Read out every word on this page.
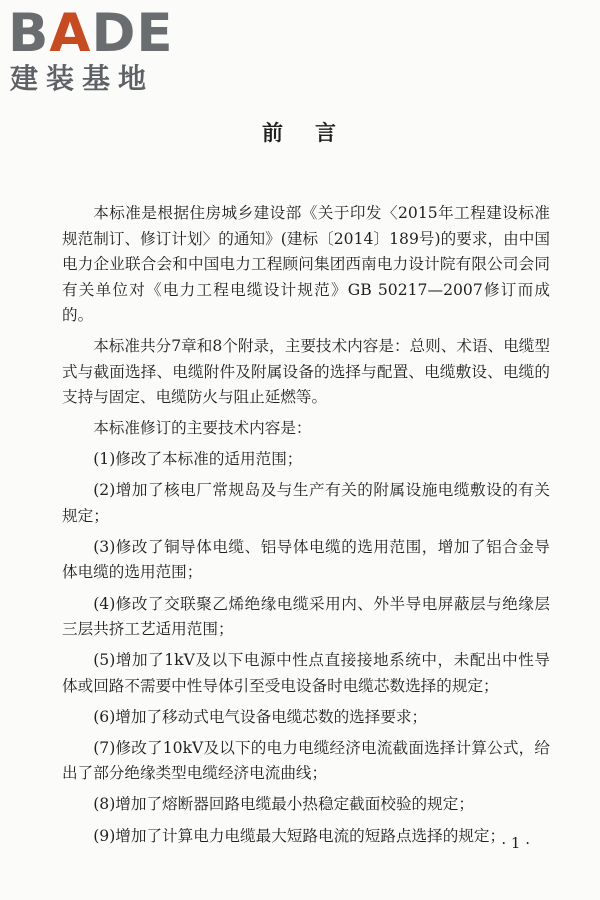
BADE
建装基地
前言

本标准是根据住房城乡建设部《关于印发〈2015年工程建设标准规范制订、修订计划〉的通知》(建标〔2014〕189号)的要求，由中国电力企业联合会和中国电力工程顾问集团西南电力设计院有限公司会同有关单位对《电力工程电缆设计规范》GB 50217—2007修订而成的。

本标准共分7章和8个附录，主要技术内容是：总则、术语、电缆型式与截面选择、电缆附件及附属设备的选择与配置、电缆敷设、电缆的支持与固定、电缆防火与阻止延燃等。

本标准修订的主要技术内容是：

(1)修改了本标准的适用范围；

(2)增加了核电厂常规岛及与生产有关的附属设施电缆敷设的有关规定；

(3)修改了铜导体电缆、铝导体电缆的选用范围，增加了铝合金导体电缆的选用范围；

(4)修改了交联聚乙烯绝缘电缆采用内、外半导电屏蔽层与绝缘层三层共挤工艺适用范围；

(5)增加了1kV及以下电源中性点直接接地系统中，未配出中性导体或回路不需要中性导体引至受电设备时电缆芯数选择的规定；

(6)增加了移动式电气设备电缆芯数的选择要求；

(7)修改了10kV及以下的电力电缆经济电流截面选择计算公式，给出了部分绝缘类型电缆经济电流曲线；

(8)增加了熔断器回路电缆最小热稳定截面校验的规定；

(9)增加了计算电力电缆最大短路电流的短路点选择的规定；

· 1 ·
